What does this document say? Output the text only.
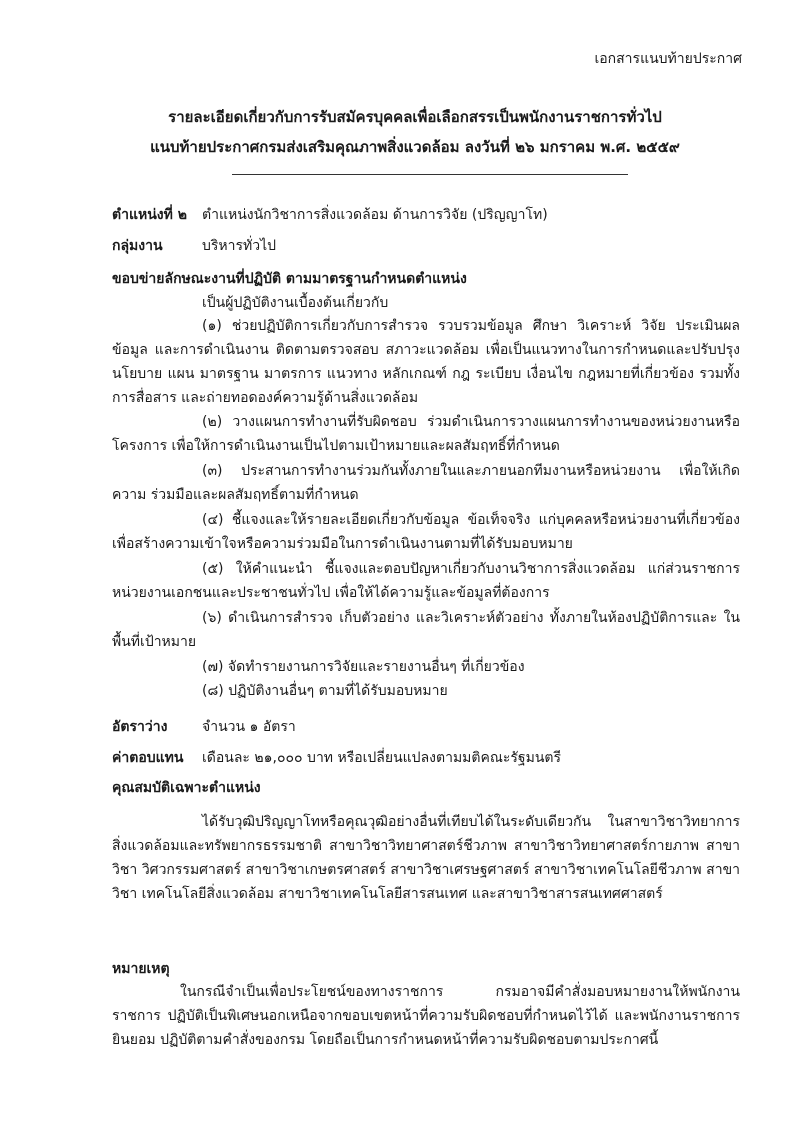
เอกสารแนบท้ายประกาศ
รายละเอียดเกี่ยวกับการรับสมัครบุคคลเพื่อเลือกสรรเป็นพนักงานราชการทั่วไป
แนบท้ายประกาศกรมส่งเสริมคุณภาพสิ่งแวดล้อม ลงวันที่ ๒๖ มกราคม พ.ศ. ๒๕๕๙
ตำแหน่งที่ ๒ ตำแหน่งนักวิชาการสิ่งแวดล้อม ด้านการวิจัย (ปริญญาโท)
กลุ่มงาน	บริหารทั่วไป
ขอบข่ายลักษณะงานที่ปฏิบัติ ตามมาตรฐานกำหนดตำแหน่ง
เป็นผู้ปฏิบัติงานเบื้องต้นเกี่ยวกับ
(๑) ช่วยปฏิบัติการเกี่ยวกับการสำรวจ รวบรวมข้อมูล ศึกษา วิเคราะห์ วิจัย ประเมินผลข้อมูล และการดำเนินงาน ติดตามตรวจสอบ สภาวะแวดล้อม เพื่อเป็นแนวทางในการกำหนดและปรับปรุง นโยบาย แผน มาตรฐาน มาตรการ แนวทาง หลักเกณฑ์ กฎ ระเบียบ เงื่อนไข กฎหมายที่เกี่ยวข้อง รวมทั้งการสื่อสาร และถ่ายทอดองค์ความรู้ด้านสิ่งแวดล้อม
(๒) วางแผนการทำงานที่รับผิดชอบ ร่วมดำเนินการวางแผนการทำงานของหน่วยงานหรือ โครงการ เพื่อให้การดำเนินงานเป็นไปตามเป้าหมายและผลสัมฤทธิ์ที่กำหนด
(๓) ประสานการทำงานร่วมกันทั้งภายในและภายนอกทีมงานหรือหน่วยงาน เพื่อให้เกิดความ ร่วมมือและผลสัมฤทธิ์ตามที่กำหนด
(๔) ชี้แจงและให้รายละเอียดเกี่ยวกับข้อมูล ข้อเท็จจริง แก่บุคคลหรือหน่วยงานที่เกี่ยวข้อง เพื่อสร้างความเข้าใจหรือความร่วมมือในการดำเนินงานตามที่ได้รับมอบหมาย
(๕) ให้คำแนะนำ ชี้แจงและตอบปัญหาเกี่ยวกับงานวิชาการสิ่งแวดล้อม แก่ส่วนราชการ หน่วยงานเอกชนและประชาชนทั่วไป เพื่อให้ได้ความรู้และข้อมูลที่ต้องการ
(๖) ดำเนินการสำรวจ เก็บตัวอย่าง และวิเคราะห์ตัวอย่าง ทั้งภายในห้องปฏิบัติการและ ในพื้นที่เป้าหมาย
(๗) จัดทำรายงานการวิจัยและรายงานอื่นๆ ที่เกี่ยวข้อง
(๘) ปฏิบัติงานอื่นๆ ตามที่ได้รับมอบหมาย
อัตราว่าง จำนวน ๑ อัตรา
ค่าตอบแทน เดือนละ ๒๑,๐๐๐ บาท หรือเปลี่ยนแปลงตามมติคณะรัฐมนตรี
คุณสมบัติเฉพาะตำแหน่ง
ได้รับวุฒิปริญญาโทหรือคุณวุฒิอย่างอื่นที่เทียบได้ในระดับเดียวกัน ในสาขาวิชาวิทยาการ สิ่งแวดล้อมและทรัพยากรธรรมชาติ สาขาวิชาวิทยาศาสตร์ชีวภาพ สาขาวิชาวิทยาศาสตร์กายภาพ สาขาวิชา วิศวกรรมศาสตร์ สาขาวิชาเกษตรศาสตร์ สาขาวิชาเศรษฐศาสตร์ สาขาวิชาเทคโนโลยีชีวภาพ สาขาวิชา เทคโนโลยีสิ่งแวดล้อม สาขาวิชาเทคโนโลยีสารสนเทศ และสาขาวิชาสารสนเทศศาสตร์
หมายเหตุ
ในกรณีจำเป็นเพื่อประโยชน์ของทางราชการ กรมอาจมีคำสั่งมอบหมายงานให้พนักงานราชการ ปฏิบัติเป็นพิเศษนอกเหนือจากขอบเขตหน้าที่ความรับผิดชอบที่กำหนดไว้ได้ และพนักงานราชการยินยอม ปฏิบัติตามคำสั่งของกรม โดยถือเป็นการกำหนดหน้าที่ความรับผิดชอบตามประกาศนี้
